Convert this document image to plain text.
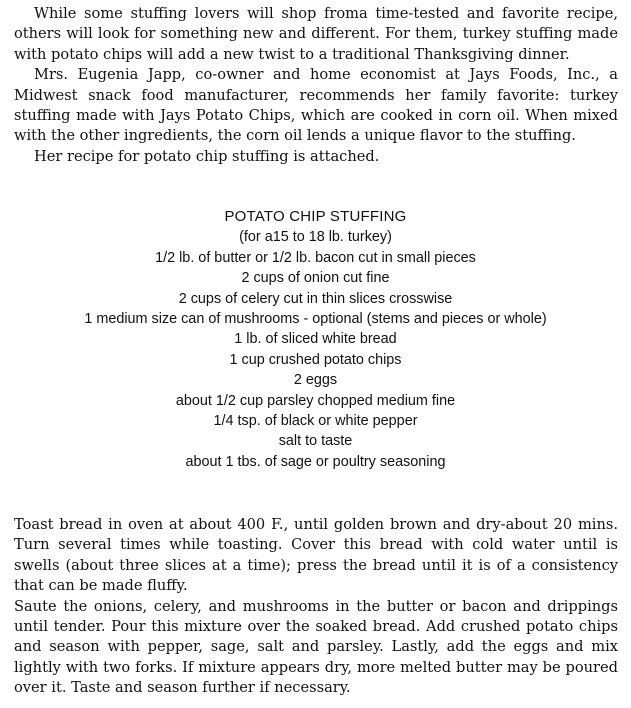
While some stuffing lovers will shop froma time-tested and favorite recipe, others will look for something new and different. For them, turkey stuffing made with potato chips will add a new twist to a traditional Thanksgiving dinner.

Mrs. Eugenia Japp, co-owner and home economist at Jays Foods, Inc., a Midwest snack food manufacturer, recommends her family favorite: turkey stuffing made with Jays Potato Chips, which are cooked in corn oil. When mixed with the other ingredients, the corn oil lends a unique flavor to the stuffing.

Her recipe for potato chip stuffing is attached.

POTATO CHIP STUFFING
(for a15 to 18 lb. turkey)
1/2 lb. of butter or 1/2 lb. bacon cut in small pieces
2 cups of onion cut fine
2 cups of celery cut in thin slices crosswise
1 medium size can of mushrooms - optional (stems and pieces or whole)
1 lb. of sliced white bread
1 cup crushed potato chips
2 eggs
about 1/2 cup parsley chopped medium fine
1/4 tsp. of black or white pepper
salt to taste
about 1 tbs. of sage or poultry seasoning

Toast bread in oven at about 400 F., until golden brown and dry-about 20 mins. Turn several times while toasting. Cover this bread with cold water until is swells (about three slices at a time); press the bread until it is of a consistency that can be made fluffy.

Saute the onions, celery, and mushrooms in the butter or bacon and drippings until tender. Pour this mixture over the soaked bread. Add crushed potato chips and season with pepper, sage, salt and parsley. Lastly, add the eggs and mix lightly with two forks. If mixture appears dry, more melted butter may be poured over it. Taste and season further if necessary.
